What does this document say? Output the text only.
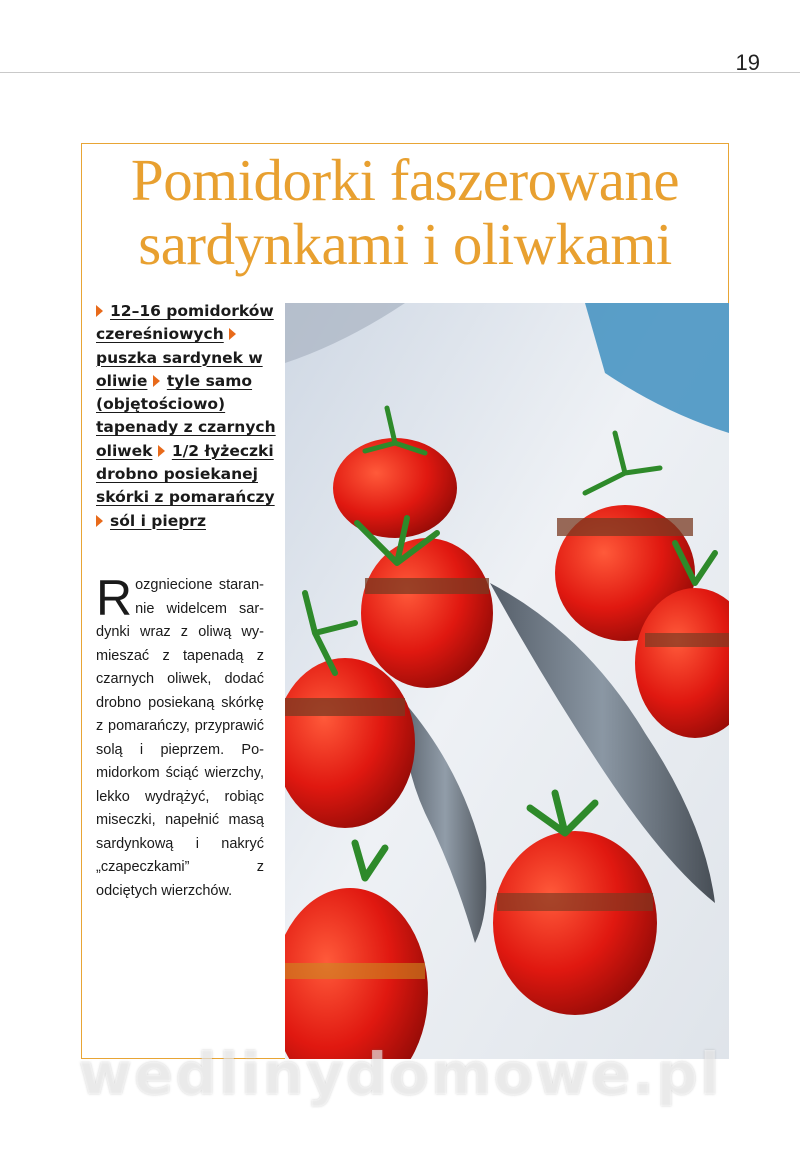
19
Pomidorki faszerowane
sardynkami i oliwkami
12–16 pomidorków czereśniowych puszka sardynek w oliwie tyle samo (objętościowo) tapenady z czarnych oliwek 1/2 łyżeczki drobno posiekanej skórki z pomarańczy sól i pieprz

Rozgniecione starannie widelcem sardynki wraz z oliwą wymieszać z tapenadą z czarnych oliwek, dodać drobno posiekaną skórkę z pomarańczy, przyprawić solą i pieprzem. Pomidorkom ściąć wierzchy, lekko wydrążyć, robiąc miseczki, napełnić masą sardynkową i nakryć „czapeczkami” z odciętych wierzchów.

wedlinydomowe.pl
